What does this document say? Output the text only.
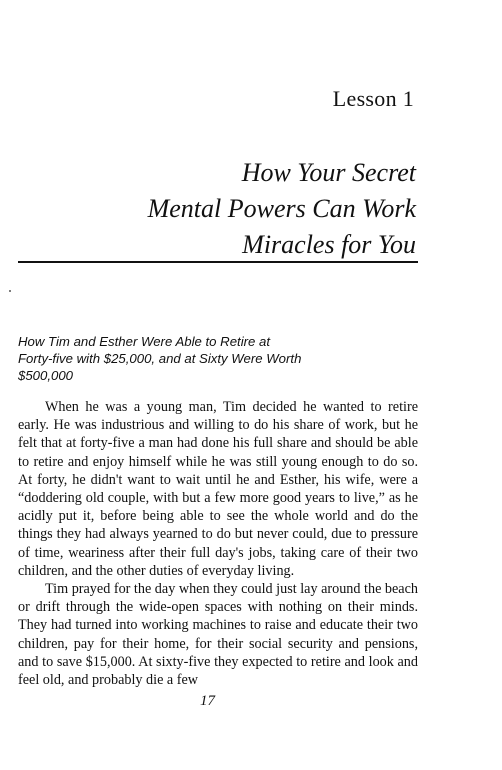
Lesson 1
How Your Secret
Mental Powers Can Work
Miracles for You
How Tim and Esther Were Able to Retire at
Forty-five with $25,000, and at Sixty Were Worth
$500,000

When he was a young man, Tim decided he wanted to retire early. He was industrious and willing to do his share of work, but he felt that at forty-five a man had done his full share and should be able to retire and enjoy himself while he was still young enough to do so. At forty, he didn't want to wait until he and Esther, his wife, were a “doddering old couple, with but a few more good years to live,” as he acidly put it, before being able to see the whole world and do the things they had always yearned to do but never could, due to pressure of time, weariness after their full day's jobs, taking care of their two children, and the other duties of everyday living.

Tim prayed for the day when they could just lay around the beach or drift through the wide-open spaces with nothing on their minds. They had turned into working machines to raise and educate their two children, pay for their home, for their social security and pensions, and to save $15,000. At sixty-five they expected to retire and look and feel old, and probably die a few

17
